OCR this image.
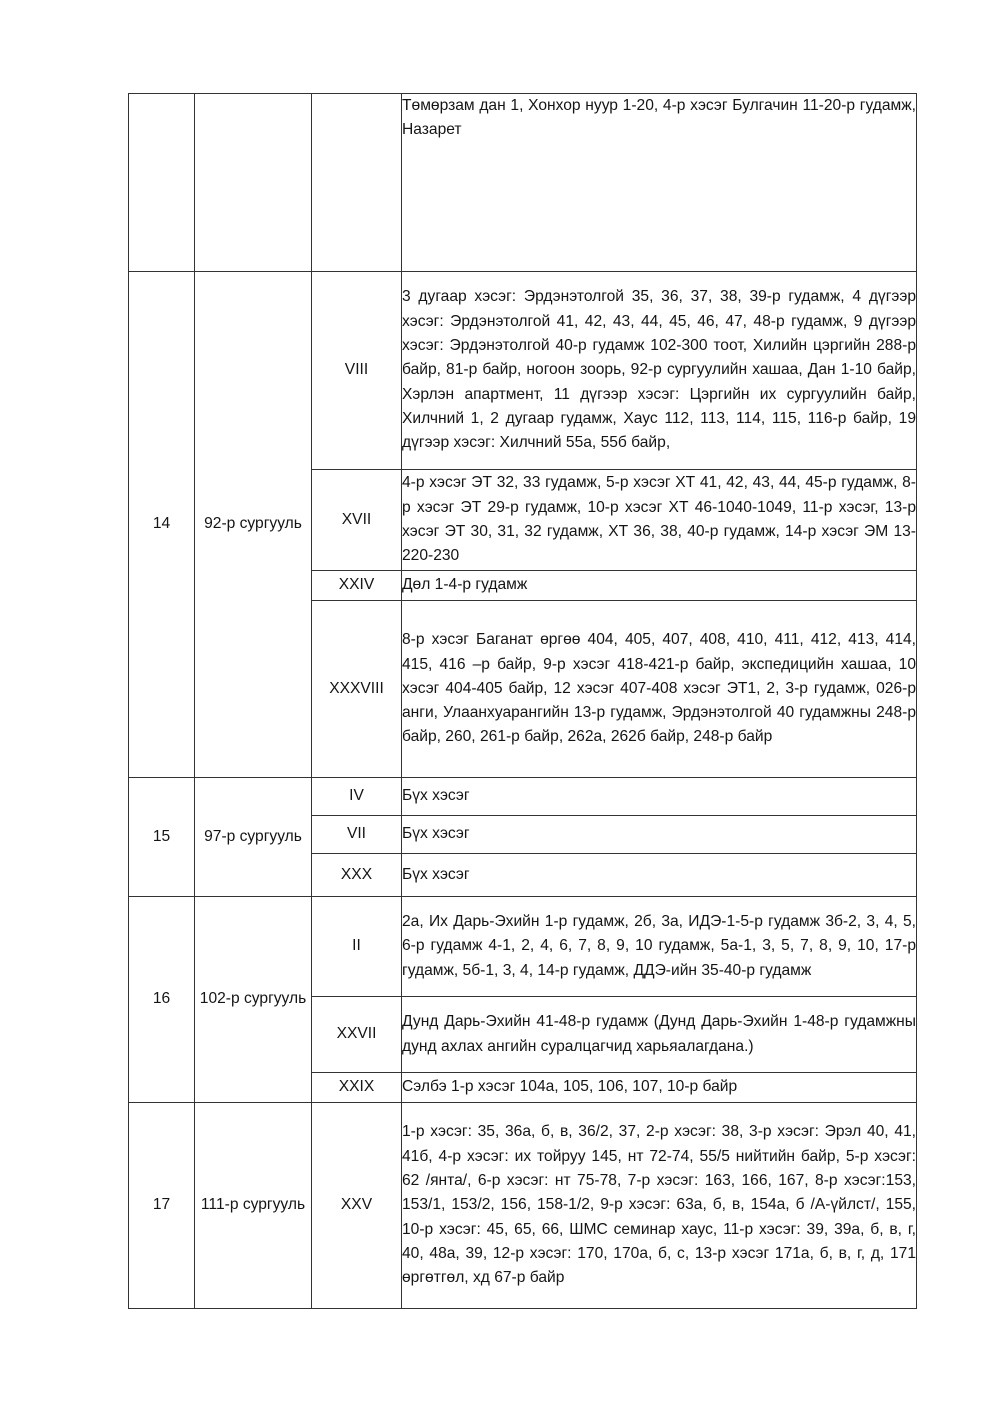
			Төмөрзам дан 1, Хонхор нуур 1-20, 4-р хэсэг Булгачин 11-20-р гудамж, Назарет
14	92-р сургууль	VIII	3 дугаар хэсэг: Эрдэнэтолгой 35, 36, 37, 38, 39-р гудамж, 4 дүгээр хэсэг: Эрдэнэтолгой 41, 42, 43, 44, 45, 46, 47, 48-р гудамж, 9 дүгээр хэсэг: Эрдэнэтолгой 40-р гудамж 102-300 тоот, Хилийн цэргийн 288-р байр, 81-р байр, ногоон зоорь, 92-р сургуулийн хашаа, Дан 1-10 байр, Хэрлэн апартмент, 11 дүгээр хэсэг: Цэргийн их сургуулийн байр, Хилчний 1, 2 дугаар гудамж, Хаус 112, 113, 114, 115, 116-р байр, 19 дүгээр хэсэг: Хилчний 55а, 55б байр,
		XVII	4-р хэсэг ЭТ 32, 33 гудамж, 5-р хэсэг ХТ 41, 42, 43, 44, 45-р гудамж, 8-р хэсэг ЭТ 29-р гудамж, 10-р хэсэг ХТ 46-1040-1049, 11-р хэсэг, 13-р хэсэг ЭТ 30, 31, 32 гудамж, ХТ 36, 38, 40-р гудамж, 14-р хэсэг ЭМ 13-220-230
		XXIV	Дөл 1-4-р гудамж
		XXXVIII	8-р хэсэг Баганат өргөө 404, 405, 407, 408, 410, 411, 412, 413, 414, 415, 416 –р байр, 9-р хэсэг 418-421-р байр, экспедицийн хашаа, 10 хэсэг 404-405 байр, 12 хэсэг 407-408 хэсэг ЭТ1, 2, 3-р гудамж, 026-р анги, Улаанхуарангийн 13-р гудамж, Эрдэнэтолгой 40 гудамжны 248-р байр, 260, 261-р байр, 262а, 262б байр, 248-р байр
15	97-р сургууль	IV	Бүх хэсэг
		VII	Бүх хэсэг
		XXX	Бүх хэсэг
16	102-р сургууль	II	2а, Их Дарь-Эхийн 1-р гудамж, 2б, 3а, ИДЭ-1-5-р гудамж 3б-2, 3, 4, 5, 6-р гудамж 4-1, 2, 4, 6, 7, 8, 9, 10 гудамж, 5а-1, 3, 5, 7, 8, 9, 10, 17-р гудамж, 5б-1, 3, 4, 14-р гудамж, ДДЭ-ийн 35-40-р гудамж
		XXVII	Дунд Дарь-Эхийн 41-48-р гудамж (Дунд Дарь-Эхийн 1-48-р гудамжны дунд ахлах ангийн суралцагчид харьяалагдана.)
		XXIX	Сэлбэ 1-р хэсэг 104а, 105, 106, 107, 10-р байр
17	111-р сургууль	XXV	1-р хэсэг: 35, 36а, б, в, 36/2, 37, 2-р хэсэг: 38, 3-р хэсэг: Эрэл 40, 41, 41б, 4-р хэсэг: их тойруу 145, нт 72-74, 55/5 нийтийн байр, 5-р хэсэг: 62 /янта/, 6-р хэсэг: нт 75-78, 7-р хэсэг: 163, 166, 167, 8-р хэсэг:153, 153/1, 153/2, 156, 158-1/2, 9-р хэсэг: 63а, б, в, 154а, б /А-үйлст/, 155, 10-р хэсэг: 45, 65, 66, ШМС семинар хаус, 11-р хэсэг: 39, 39а, б, в, г, 40, 48а, 39, 12-р хэсэг: 170, 170а, б, с, 13-р хэсэг 171а, б, в, г, д, 171 өргөтгөл, хд 67-р байр
